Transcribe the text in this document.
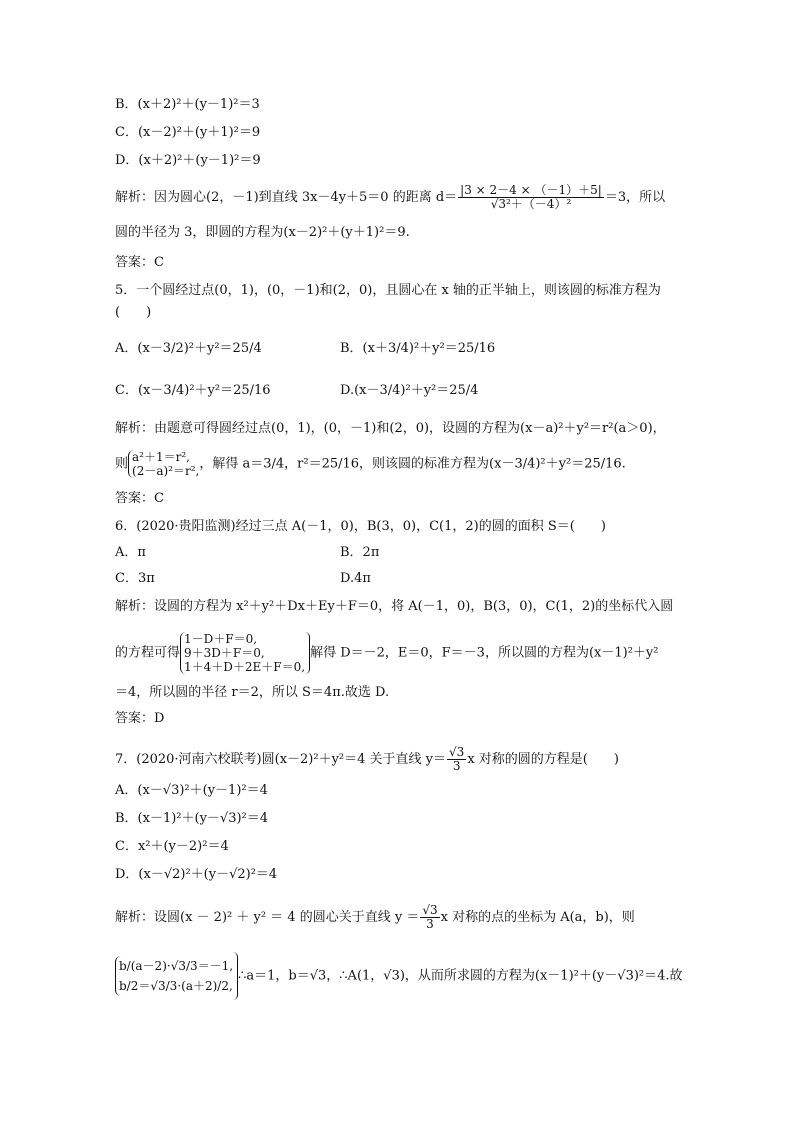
B．(x＋2)²＋(y－1)²＝3
C．(x－2)²＋(y＋1)²＝9
D．(x＋2)²＋(y－1)²＝9
解析：因为圆心(2，－1)到直线 3x－4y＋5＝0 的距离 $d= \frac{|3 \times 2-4 \times (-1)+5|}{\text{√3²＋（－4）²}} =3$，所以
圆的半径为 3，即圆的方程为(x－2)²＋(y＋1)²＝9.
答案：C
5．一个圆经过点(0，1)，(0，－1)和(2，0)，且圆心在 x 轴的正半轴上，则该圆的标准方程为
(　　)
A．(x－3/2)²＋y²＝25/4	B．(x＋3/4)²＋y²＝25/16
C．(x－3/4)²＋y²＝25/16	D.(x－3/4)²＋y²＝25/4
解析：由题意可得圆经过点(0，1)，(0，－1)和(2，0)，设圆的方程为(x－a)²＋y²＝r²(a＞0)，
则 a²＋1＝r²,
(2－a)²＝r², ，解得 a＝3/4，r²＝25/16，则该圆的标准方程为(x－3/4)²＋y²＝25/16.
答案：C
6．(2020·贵阳监测)经过三点 A(－1，0)，B(3，0)，C(1，2)的圆的面积 S＝(　　)
A．π	B．2π
C．3π	D.4π
解析：设圆的方程为 x²＋y²＋Dx＋Ey＋F＝0，将 A(－1，0)，B(3，0)，C(1，2)的坐标代入圆
的方程可得
1－D＋F＝0,
9＋3D＋F＝0,
1＋4＋D＋2E＋F＝0,
解得 D＝－2，E＝0，F＝－3，所以圆的方程为(x－1)²＋y²
＝4，所以圆的半径 r＝2，所以 S＝4π.故选 D.
答案：D
7．(2020·河南六校联考)圆(x－2)²＋y²＝4 关于直线 $y= \frac{√3}{3}$ x 对称的圆的方程是(　　)
A．(x－√3)²＋(y－1)²＝4
B．(x－1)²＋(y－√3)²＝4
C．x²＋(y－2)²＝4
D．(x－√2)²＋(y－√2)²＝4
解析：设圆(x － 2)² ＋ y² ＝ 4 的圆心关于直线 $y = \frac{√3}{3}$ x 对称的点的坐标为 A(a，b)，则
b/(a－2)·√3/3＝－1,
b/2＝√3/3·(a＋2)/2,
∴a＝1，b＝√3，∴A(1，√3)，从而所求圆的方程为(x－1)²＋(y－√3)²＝4.故
